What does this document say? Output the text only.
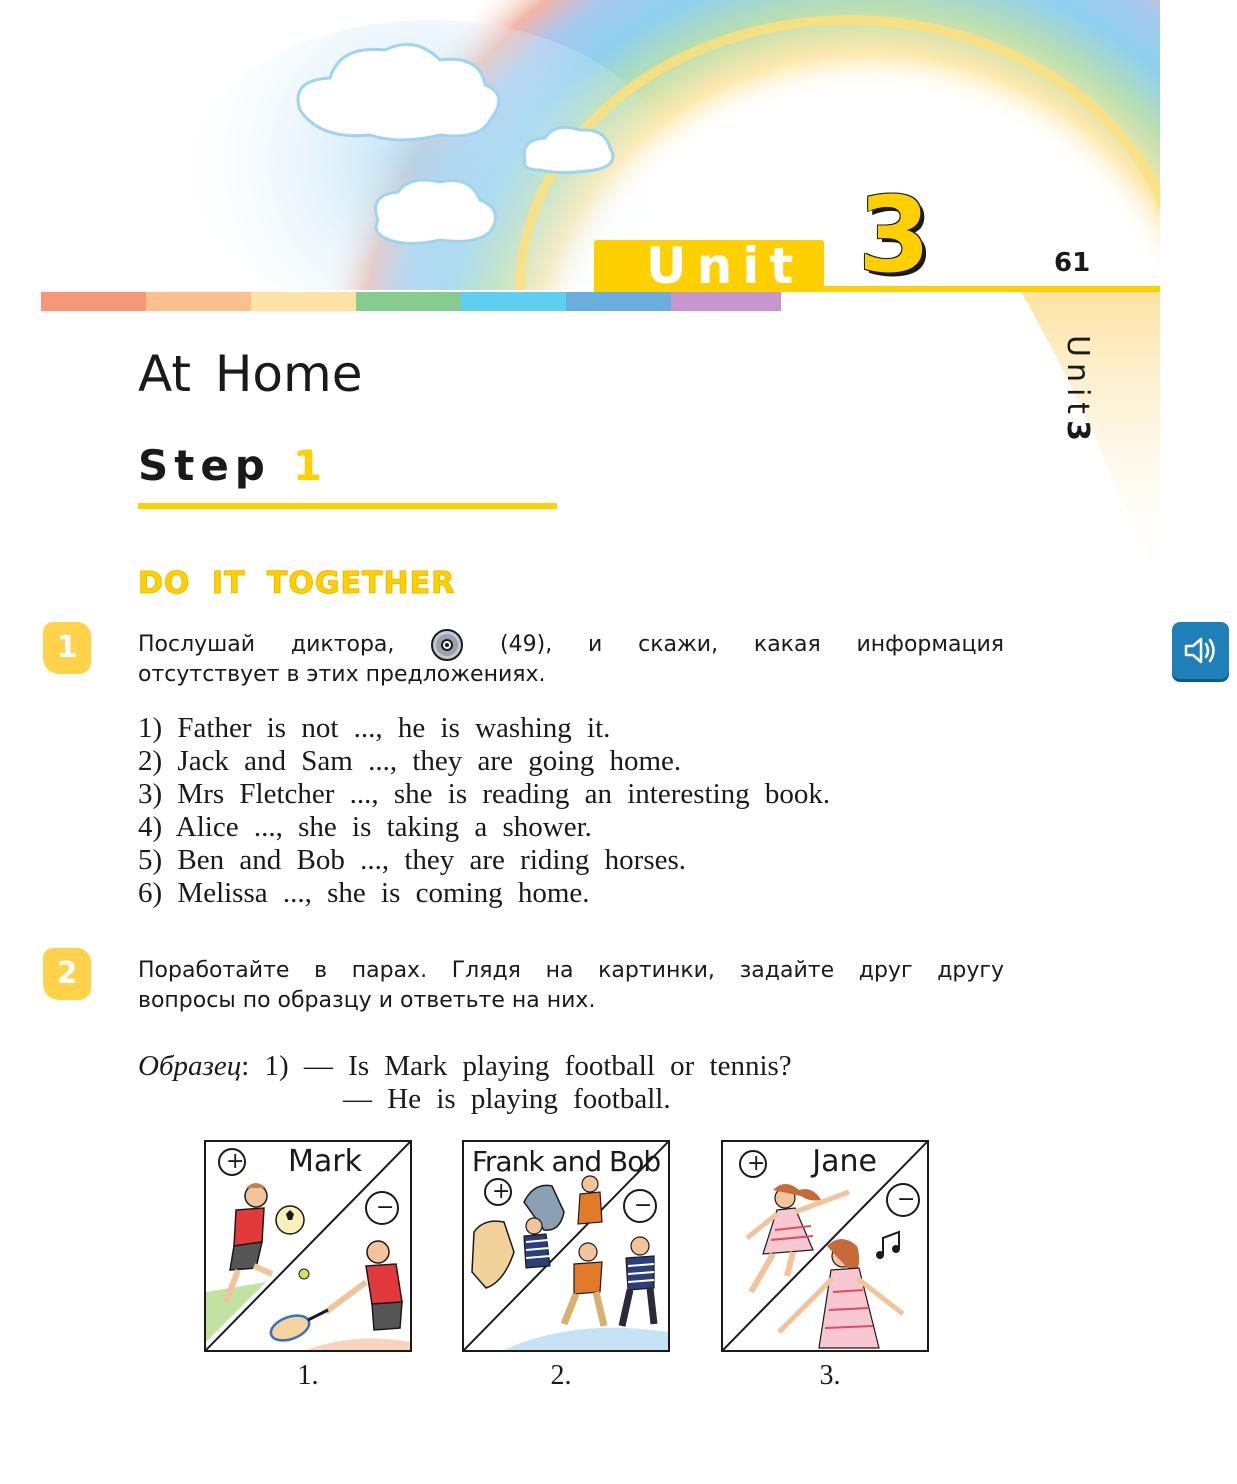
Unit 3	61
Unit3
At Home
Step 1
DO IT TOGETHER
1	Послушай диктора,	(49), и скажи, какая информация
отсутствует в этих предложениях.
1) Father is not ..., he is washing it.
2) Jack and Sam ..., they are going home.
3) Mrs Fletcher ..., she is reading an interesting book.
4) Alice ..., she is taking a shower.
5) Ben and Bob ..., they are riding horses.
6) Melissa ..., she is coming home.
2	Поработайте в парах. Глядя на картинки, задайте друг другу
вопросы по образцу и ответьте на них.
Образец: 1) — Is Mark playing football or tennis?
— He is playing football.
Mark
+
−
Frank and Bob
+
−
Jane
+
−
1.	2.	3.
